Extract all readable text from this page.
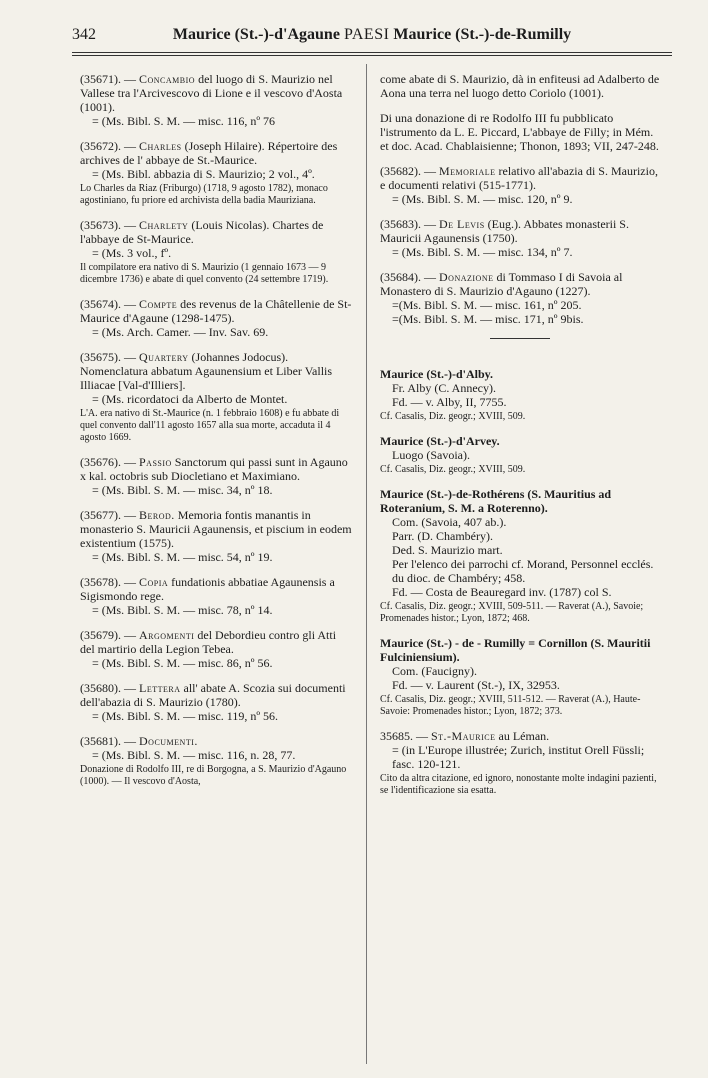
342	Maurice (St.-)-d'Agaune PAESI Maurice (St.-)-de-Rumilly
(35671). — Concambio del luogo di S. Maurizio nel Vallese tra l'Arcivescovo di Lione e il vescovo d'Aosta (1001).
= (Ms. Bibl. S. M. — misc. 116, nº 76
(35672). — Charles (Joseph Hilaire). Répertoire des archives de l' abbaye de St.-Maurice.
= (Ms. Bibl. abbazia di S. Maurizio; 2 vol., 4º.
Lo Charles da Riaz (Friburgo) (1718, 9 agosto 1782), monaco agostiniano, fu priore ed archivista della badia Mauriziana.
(35673). — Charlety (Louis Nicolas). Chartes de l'abbaye de St-Maurice.
= (Ms. 3 vol., fº.
Il compilatore era nativo di S. Maurizio (1 gennaio 1673 — 9 dicembre 1736) e abate di quel convento (24 settembre 1719).
(35674). — Compte des revenus de la Châtellenie de St-Maurice d'Agaune (1298-1475).
= (Ms. Arch. Camer. — Inv. Sav. 69.
(35675). — Quartery (Johannes Jodocus). Nomenclatura abbatum Agaunensium et Liber Vallis Illiacae [Val-d'Illiers].
= (Ms. ricordatoci da Alberto de Montet.
L'A. era nativo di St.-Maurice (n. 1 febbraio 1608) e fu abbate di quel convento dall'11 agosto 1657 alla sua morte, accaduta il 4 agosto 1669.
(35676). — Passio Sanctorum qui passi sunt in Agauno x kal. octobris sub Diocletiano et Maximiano.
= (Ms. Bibl. S. M. — misc. 34, nº 18.
(35677). — Berod. Memoria fontis manantis in monasterio S. Mauricii Agaunensis, et piscium in eodem existentium (1575).
= (Ms. Bibl. S. M. — misc. 54, nº 19.
(35678). — Copia fundationis abbatiae Agaunensis a Sigismondo rege.
= (Ms. Bibl. S. M. — misc. 78, nº 14.
(35679). — Argomenti del Debordieu contro gli Atti del martirio della Legion Tebea.
= (Ms. Bibl. S. M. — misc. 86, nº 56.
(35680). — Lettera all' abate A. Scozia sui documenti dell'abazia di S. Maurizio (1780).
= (Ms. Bibl. S. M. — misc. 119, nº 56.
(35681). — Documenti.
= (Ms. Bibl. S. M. — misc. 116, n. 28, 77.
Donazione di Rodolfo III, re di Borgogna, a S. Maurizio d'Agauno (1000). — Il vescovo d'Aosta,
come abate di S. Maurizio, dà in enfiteusi ad Adalberto de Aona una terra nel luogo detto Coriolo (1001).
Di una donazione di re Rodolfo III fu pubblicato l'istrumento da L. E. Piccard, L'abbaye de Filly; in Mém. et doc. Acad. Chablaisienne; Thonon, 1893; VII, 247-248.
(35682). — Memoriale relativo all'abazia di S. Maurizio, e documenti relativi (515-1771).
= (Ms. Bibl. S. M. — misc. 120, nº 9.
(35683). — De Levis (Eug.). Abbates monasterii S. Mauricii Agaunensis (1750).
= (Ms. Bibl. S. M. — misc. 134, nº 7.
(35684). — Donazione di Tommaso I di Savoia al Monastero di S. Maurizio d'Agauno (1227).
=(Ms. Bibl. S. M. — misc. 161, nº 205.
=(Ms. Bibl. S. M. — misc. 171, nº 9bis.
Maurice (St.-)-d'Alby.
Fr. Alby (C. Annecy).
Fd. — v. Alby, II, 7755.
Cf. Casalis, Diz. geogr.; XVIII, 509.
Maurice (St.-)-d'Arvey.
Luogo (Savoia).
Cf. Casalis, Diz. geogr.; XVIII, 509.
Maurice (St.-)-de-Rothérens (S. Mauritius ad Roteranium, S. M. a Roterenno).
Com. (Savoia, 407 ab.).
Parr. (D. Chambéry).
Ded. S. Maurizio mart.
Per l'elenco dei parrochi cf. Morand, Personnel ecclés. du dioc. de Chambéry; 458.
Fd. — Costa de Beauregard inv. (1787) col S.
Cf. Casalis, Diz. geogr.; XVIII, 509-511. — Raverat (A.), Savoie; Promenades histor.; Lyon, 1872; 468.
Maurice (St.-) - de - Rumilly = Cornillon (S. Mauritii Fulciniensium).
Com. (Faucigny).
Fd. — v. Laurent (St.-), IX, 32953.
Cf. Casalis, Diz. geogr.; XVIII, 511-512. — Raverat (A.), Haute-Savoie: Promenades histor.; Lyon, 1872; 373.
35685. — St.-Maurice au Léman.
= (in L'Europe illustrée; Zurich, institut Orell Füssli; fasc. 120-121.
Cito da altra citazione, ed ignoro, nonostante molte indagini pazienti, se l'identificazione sia esatta.
